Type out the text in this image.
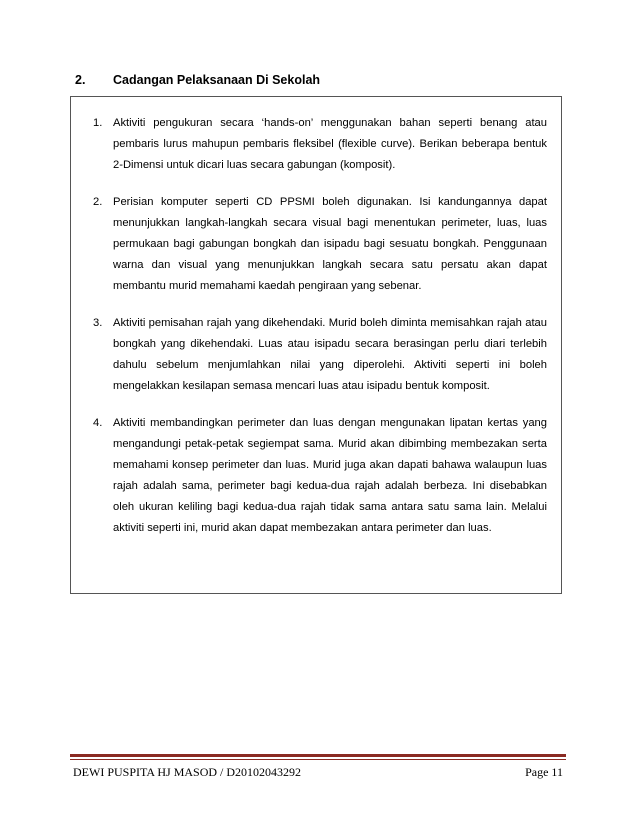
2. Cadangan Pelaksanaan Di Sekolah
1. Aktiviti pengukuran secara ‘hands-on’ menggunakan bahan seperti benang atau pembaris lurus mahupun pembaris fleksibel (flexible curve). Berikan beberapa bentuk 2-Dimensi untuk dicari luas secara gabungan (komposit).
2. Perisian komputer seperti CD PPSMI boleh digunakan. Isi kandungannya dapat menunjukkan langkah-langkah secara visual bagi menentukan perimeter, luas, luas permukaan bagi gabungan bongkah dan isipadu bagi sesuatu bongkah. Penggunaan warna dan visual yang menunjukkan langkah secara satu persatu akan dapat membantu murid memahami kaedah pengiraan yang sebenar.
3. Aktiviti pemisahan rajah yang dikehendaki. Murid boleh diminta memisahkan rajah atau bongkah yang dikehendaki. Luas atau isipadu secara berasingan perlu diari terlebih dahulu sebelum menjumlahkan nilai yang diperolehi. Aktiviti seperti ini boleh mengelakkan kesilapan semasa mencari luas atau isipadu bentuk komposit.
4. Aktiviti membandingkan perimeter dan luas dengan mengunakan lipatan kertas yang mengandungi petak-petak segiempat sama. Murid akan dibimbing membezakan serta memahami konsep perimeter dan luas. Murid juga akan dapati bahawa walaupun luas rajah adalah sama, perimeter bagi kedua-dua rajah adalah berbeza. Ini disebabkan oleh ukuran keliling bagi kedua-dua rajah tidak sama antara satu sama lain. Melalui aktiviti seperti ini, murid akan dapat membezakan antara perimeter dan luas.
DEWI PUSPITA HJ MASOD / D20102043292	Page 11
